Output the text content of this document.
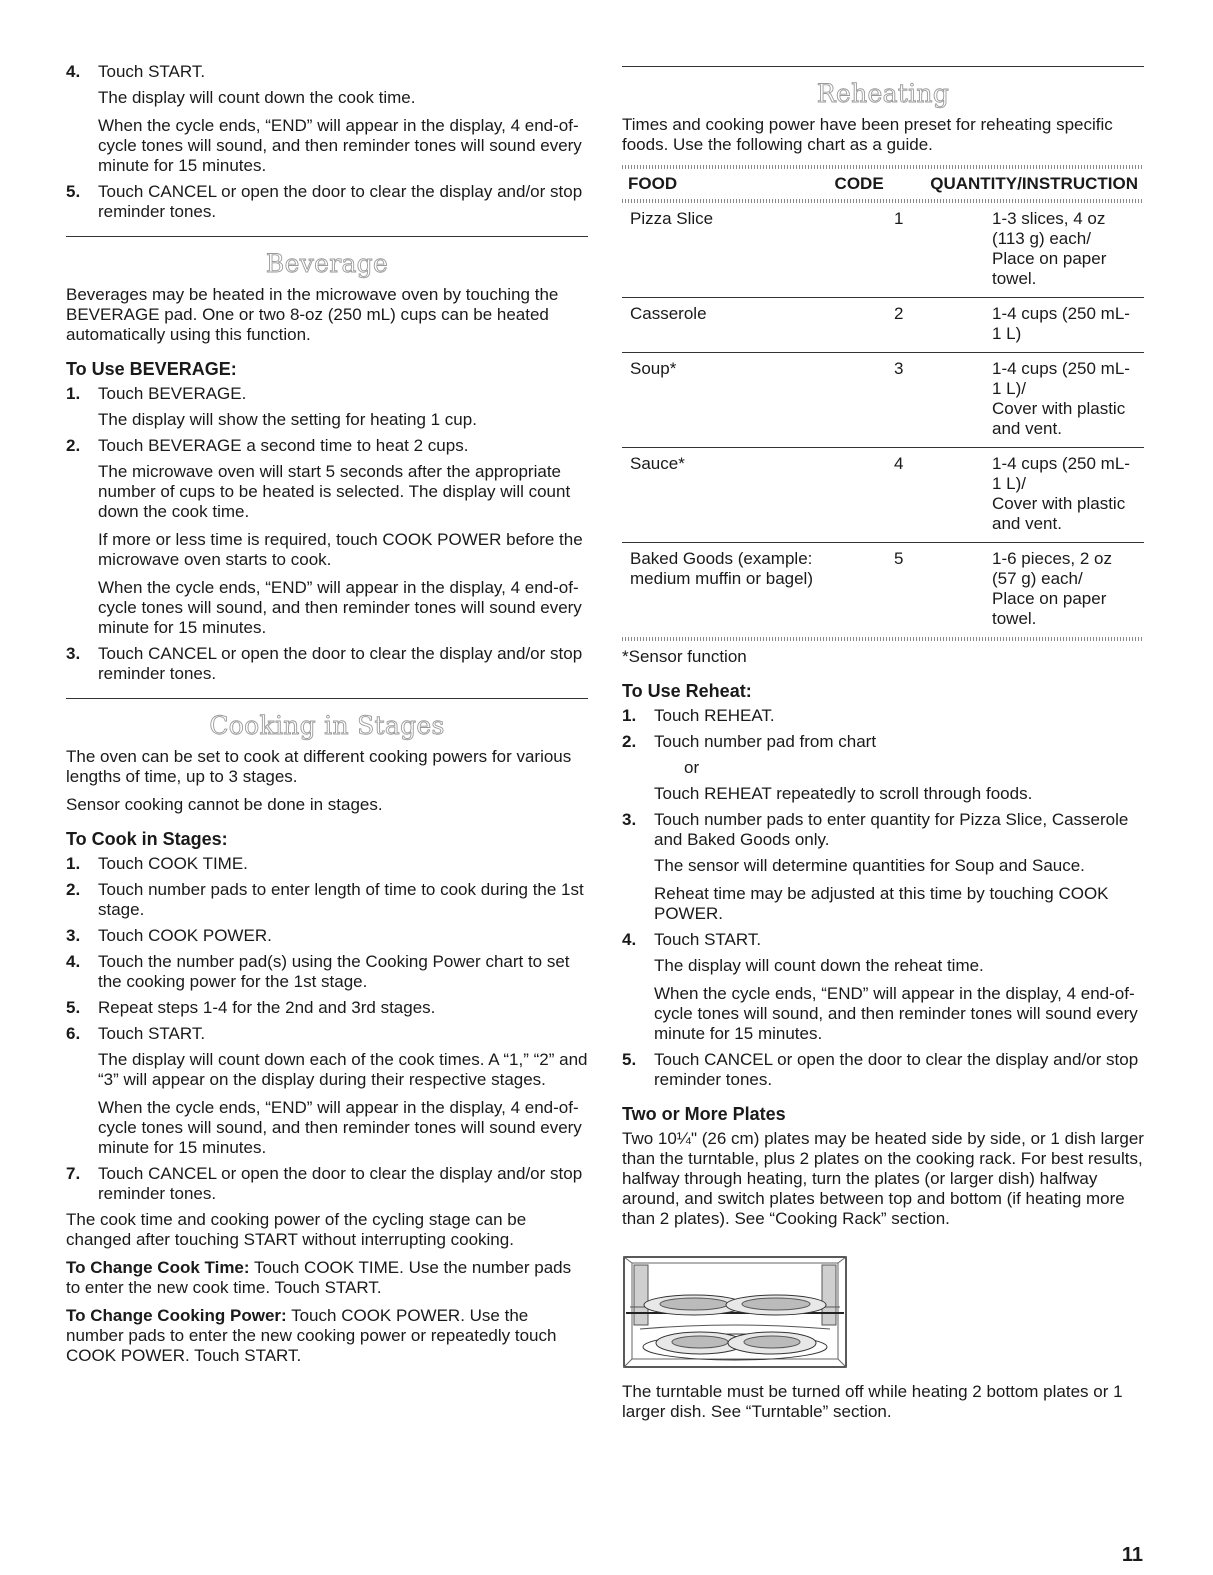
4. Touch START.

The display will count down the cook time.

When the cycle ends, “END” will appear in the display, 4 end-of-cycle tones will sound, and then reminder tones will sound every minute for 15 minutes.

5. Touch CANCEL or open the door to clear the display and/or stop reminder tones.
Beverage

Beverages may be heated in the microwave oven by touching the BEVERAGE pad. One or two 8-oz (250 mL) cups can be heated automatically using this function.

To Use BEVERAGE:
1. Touch BEVERAGE.

The display will show the setting for heating 1 cup.

2. Touch BEVERAGE a second time to heat 2 cups.

The microwave oven will start 5 seconds after the appropriate number of cups to be heated is selected. The display will count down the cook time.

If more or less time is required, touch COOK POWER before the microwave oven starts to cook.

When the cycle ends, “END” will appear in the display, 4 end-of-cycle tones will sound, and then reminder tones will sound every minute for 15 minutes.

3. Touch CANCEL or open the door to clear the display and/or stop reminder tones.
Cooking in Stages

The oven can be set to cook at different cooking powers for various lengths of time, up to 3 stages.

Sensor cooking cannot be done in stages.

To Cook in Stages:
1. Touch COOK TIME.
2. Touch number pads to enter length of time to cook during the 1st stage.
3. Touch COOK POWER.
4. Touch the number pad(s) using the Cooking Power chart to set the cooking power for the 1st stage.
5. Repeat steps 1-4 for the 2nd and 3rd stages.
6. Touch START.

The display will count down each of the cook times. A “1,” “2” and “3” will appear on the display during their respective stages.

When the cycle ends, “END” will appear in the display, 4 end-of-cycle tones will sound, and then reminder tones will sound every minute for 15 minutes.

7. Touch CANCEL or open the door to clear the display and/or stop reminder tones.

The cook time and cooking power of the cycling stage can be changed after touching START without interrupting cooking.

To Change Cook Time: Touch COOK TIME. Use the number pads to enter the new cook time. Touch START.

To Change Cooking Power: Touch COOK POWER. Use the number pads to enter the new cooking power or repeatedly touch COOK POWER. Touch START.

Reheating

Times and cooking power have been preset for reheating specific foods. Use the following chart as a guide.

FOOD	CODE	QUANTITY/INSTRUCTION
Pizza Slice	1	1-3 slices, 4 oz (113 g) each/
Place on paper towel.

Casserole	2	1-4 cups (250 mL-1 L)

Soup*	3	1-4 cups (250 mL-1 L)/
Cover with plastic and vent.

Sauce*	4	1-4 cups (250 mL-1 L)/
Cover with plastic and vent.

Baked Goods (example: medium muffin or bagel)	5	1-6 pieces, 2 oz (57 g) each/
Place on paper towel.

*Sensor function

To Use Reheat:
1. Touch REHEAT.
2. Touch number pad from chart

or

Touch REHEAT repeatedly to scroll through foods.

3. Touch number pads to enter quantity for Pizza Slice, Casserole and Baked Goods only.

The sensor will determine quantities for Soup and Sauce.

Reheat time may be adjusted at this time by touching COOK POWER.

4. Touch START.

The display will count down the reheat time.

When the cycle ends, “END” will appear in the display, 4 end-of-cycle tones will sound, and then reminder tones will sound every minute for 15 minutes.

5. Touch CANCEL or open the door to clear the display and/or stop reminder tones.
Two or More Plates

Two 10¼" (26 cm) plates may be heated side by side, or 1 dish larger than the turntable, plus 2 plates on the cooking rack. For best results, halfway through heating, turn the plates (or larger dish) halfway around, and switch plates between top and bottom (if heating more than 2 plates). See “Cooking Rack” section.

The turntable must be turned off while heating 2 bottom plates or 1 larger dish. See “Turntable” section.

11
